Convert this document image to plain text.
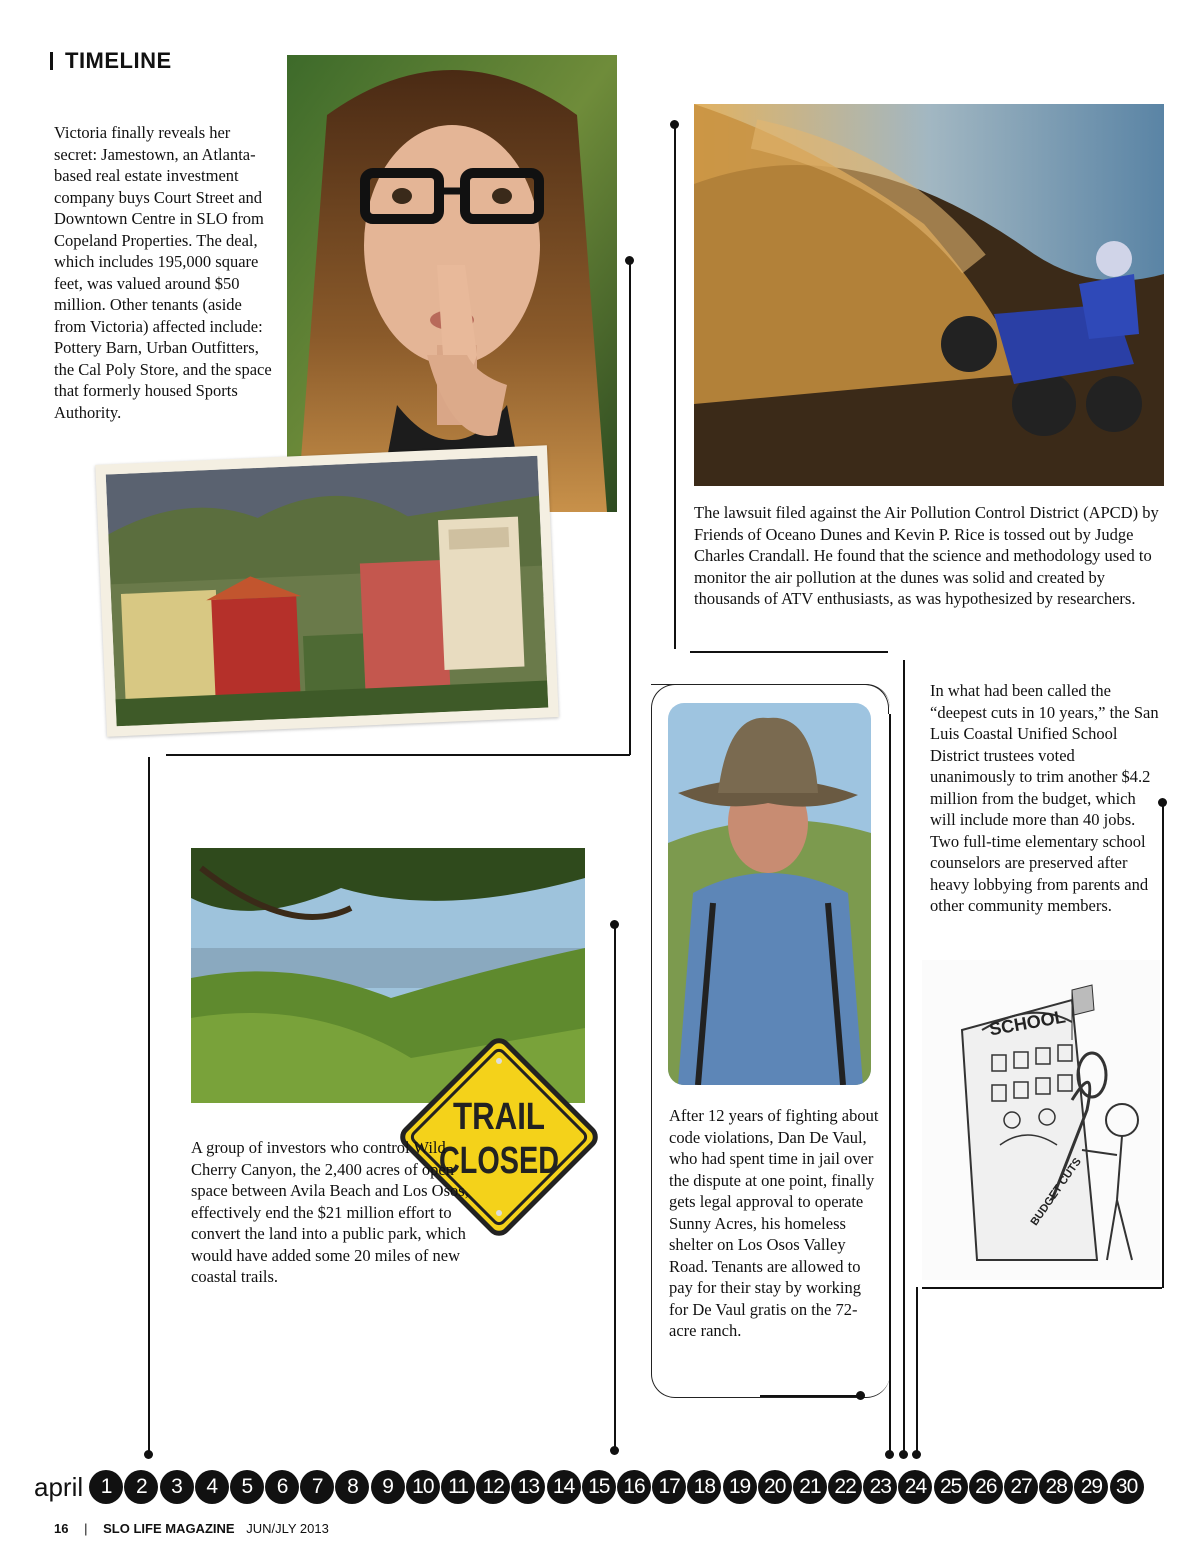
TIMELINE
Victoria finally reveals her secret: Jamestown, an Atlanta-based real estate investment company buys Court Street and Downtown Centre in SLO from Copeland Properties. The deal, which includes 195,000 square feet, was valued around $50 million. Other tenants (aside from Victoria) affected include: Pottery Barn, Urban Outfitters, the Cal Poly Store, and the space that formerly housed Sports Authority.
The lawsuit filed against the Air Pollution Control District (APCD) by Friends of Oceano Dunes and Kevin P. Rice is tossed out by Judge Charles Crandall. He found that the science and methodology used to monitor the air pollution at the dunes was solid and created by thousands of ATV enthusiasts, as was hypothesized by researchers.
In what had been called the “deepest cuts in 10 years,” the San Luis Coastal Unified School District trustees voted unanimously to trim another $4.2 million from the budget, which will include more than 40 jobs. Two full-time elementary school counselors are preserved after heavy lobbying from parents and other community members.
SCHOOL
BUDGET CUTS
TRAIL
CLOSED
A group of investors who control Wild Cherry Canyon, the 2,400 acres of open space between Avila Beach and Los Osos, effectively end the $21 million effort to convert the land into a public park, which would have added some 20 miles of new coastal trails.
After 12 years of fighting about code violations, Dan De Vaul, who had spent time in jail over the dispute at one point, finally gets legal approval to operate Sunny Acres, his homeless shelter on Los Osos Valley Road. Tenants are allowed to pay for their stay by working for De Vaul gratis on the 72-acre ranch.
april 1	2	3	4	5	6	7	8	9 10 11 12 13 14 15 16 17 18 19 20 21 22 23 24 25 26 27 28 29 30
16 | SLO LIFE MAGAZINE JUN/JLY 2013
